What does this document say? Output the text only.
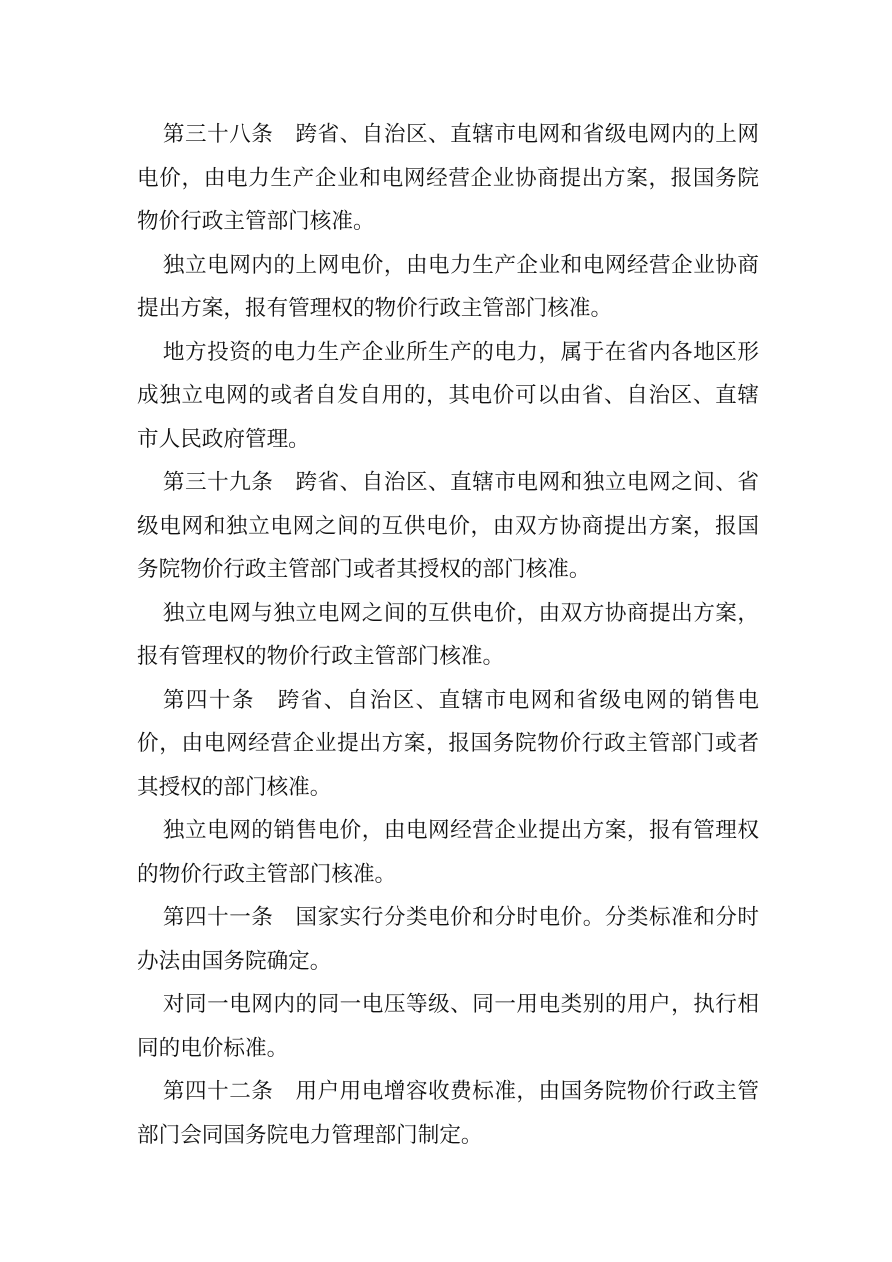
第三十八条 跨省、自治区、直辖市电网和省级电网内的上网电价，由电力生产企业和电网经营企业协商提出方案，报国务院物价行政主管部门核准。

独立电网内的上网电价，由电力生产企业和电网经营企业协商提出方案，报有管理权的物价行政主管部门核准。

地方投资的电力生产企业所生产的电力，属于在省内各地区形成独立电网的或者自发自用的，其电价可以由省、自治区、直辖市人民政府管理。

第三十九条 跨省、自治区、直辖市电网和独立电网之间、省级电网和独立电网之间的互供电价，由双方协商提出方案，报国务院物价行政主管部门或者其授权的部门核准。

独立电网与独立电网之间的互供电价，由双方协商提出方案，报有管理权的物价行政主管部门核准。

第四十条 跨省、自治区、直辖市电网和省级电网的销售电价，由电网经营企业提出方案，报国务院物价行政主管部门或者其授权的部门核准。

独立电网的销售电价，由电网经营企业提出方案，报有管理权的物价行政主管部门核准。

第四十一条 国家实行分类电价和分时电价。分类标准和分时办法由国务院确定。

对同一电网内的同一电压等级、同一用电类别的用户，执行相同的电价标准。

第四十二条 用户用电增容收费标准，由国务院物价行政主管部门会同国务院电力管理部门制定。
